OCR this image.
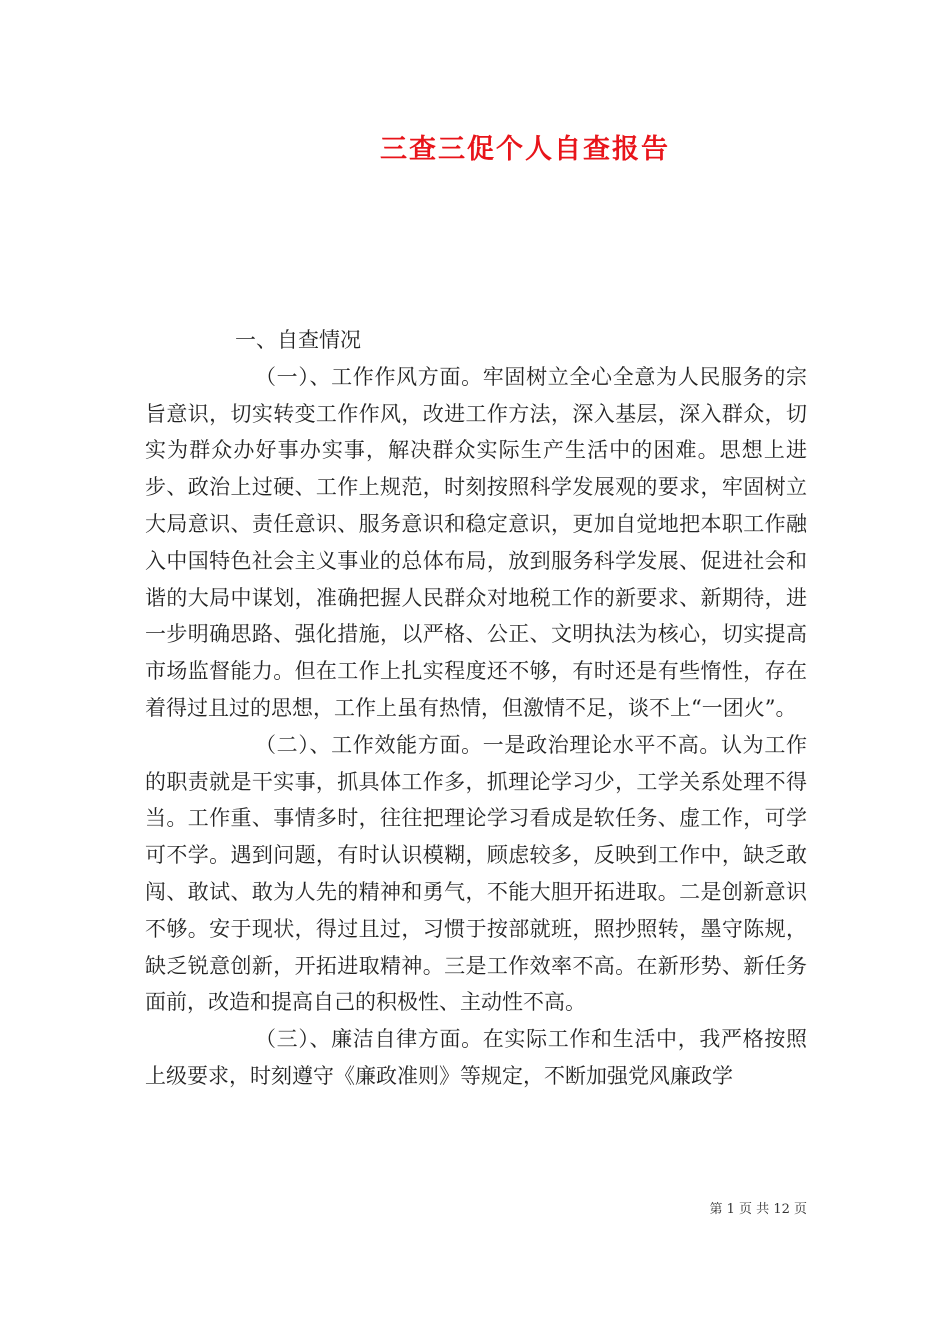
三查三促个人自查报告

一、自查情况

（一）、工作作风方面。牢固树立全心全意为人民服务的宗旨意识，切实转变工作作风，改进工作方法，深入基层，深入群众，切实为群众办好事办实事，解决群众实际生产生活中的困难。思想上进步、政治上过硬、工作上规范，时刻按照科学发展观的要求，牢固树立大局意识、责任意识、服务意识和稳定意识，更加自觉地把本职工作融入中国特色社会主义事业的总体布局，放到服务科学发展、促进社会和谐的大局中谋划，准确把握人民群众对地税工作的新要求、新期待，进一步明确思路、强化措施，以严格、公正、文明执法为核心，切实提高市场监督能力。但在工作上扎实程度还不够，有时还是有些惰性，存在着得过且过的思想，工作上虽有热情，但激情不足，谈不上“一团火”。

（二）、工作效能方面。一是政治理论水平不高。认为工作的职责就是干实事，抓具体工作多，抓理论学习少，工学关系处理不得当。工作重、事情多时，往往把理论学习看成是软任务、虚工作，可学可不学。遇到问题，有时认识模糊，顾虑较多，反映到工作中，缺乏敢闯、敢试、敢为人先的精神和勇气，不能大胆开拓进取。二是创新意识不够。安于现状，得过且过，习惯于按部就班，照抄照转，墨守陈规，缺乏锐意创新，开拓进取精神。三是工作效率不高。在新形势、新任务面前，改造和提高自己的积极性、主动性不高。

（三）、廉洁自律方面。在实际工作和生活中，我严格按照上级要求，时刻遵守《廉政准则》等规定，不断加强党风廉政学

第 1 页 共 12 页
